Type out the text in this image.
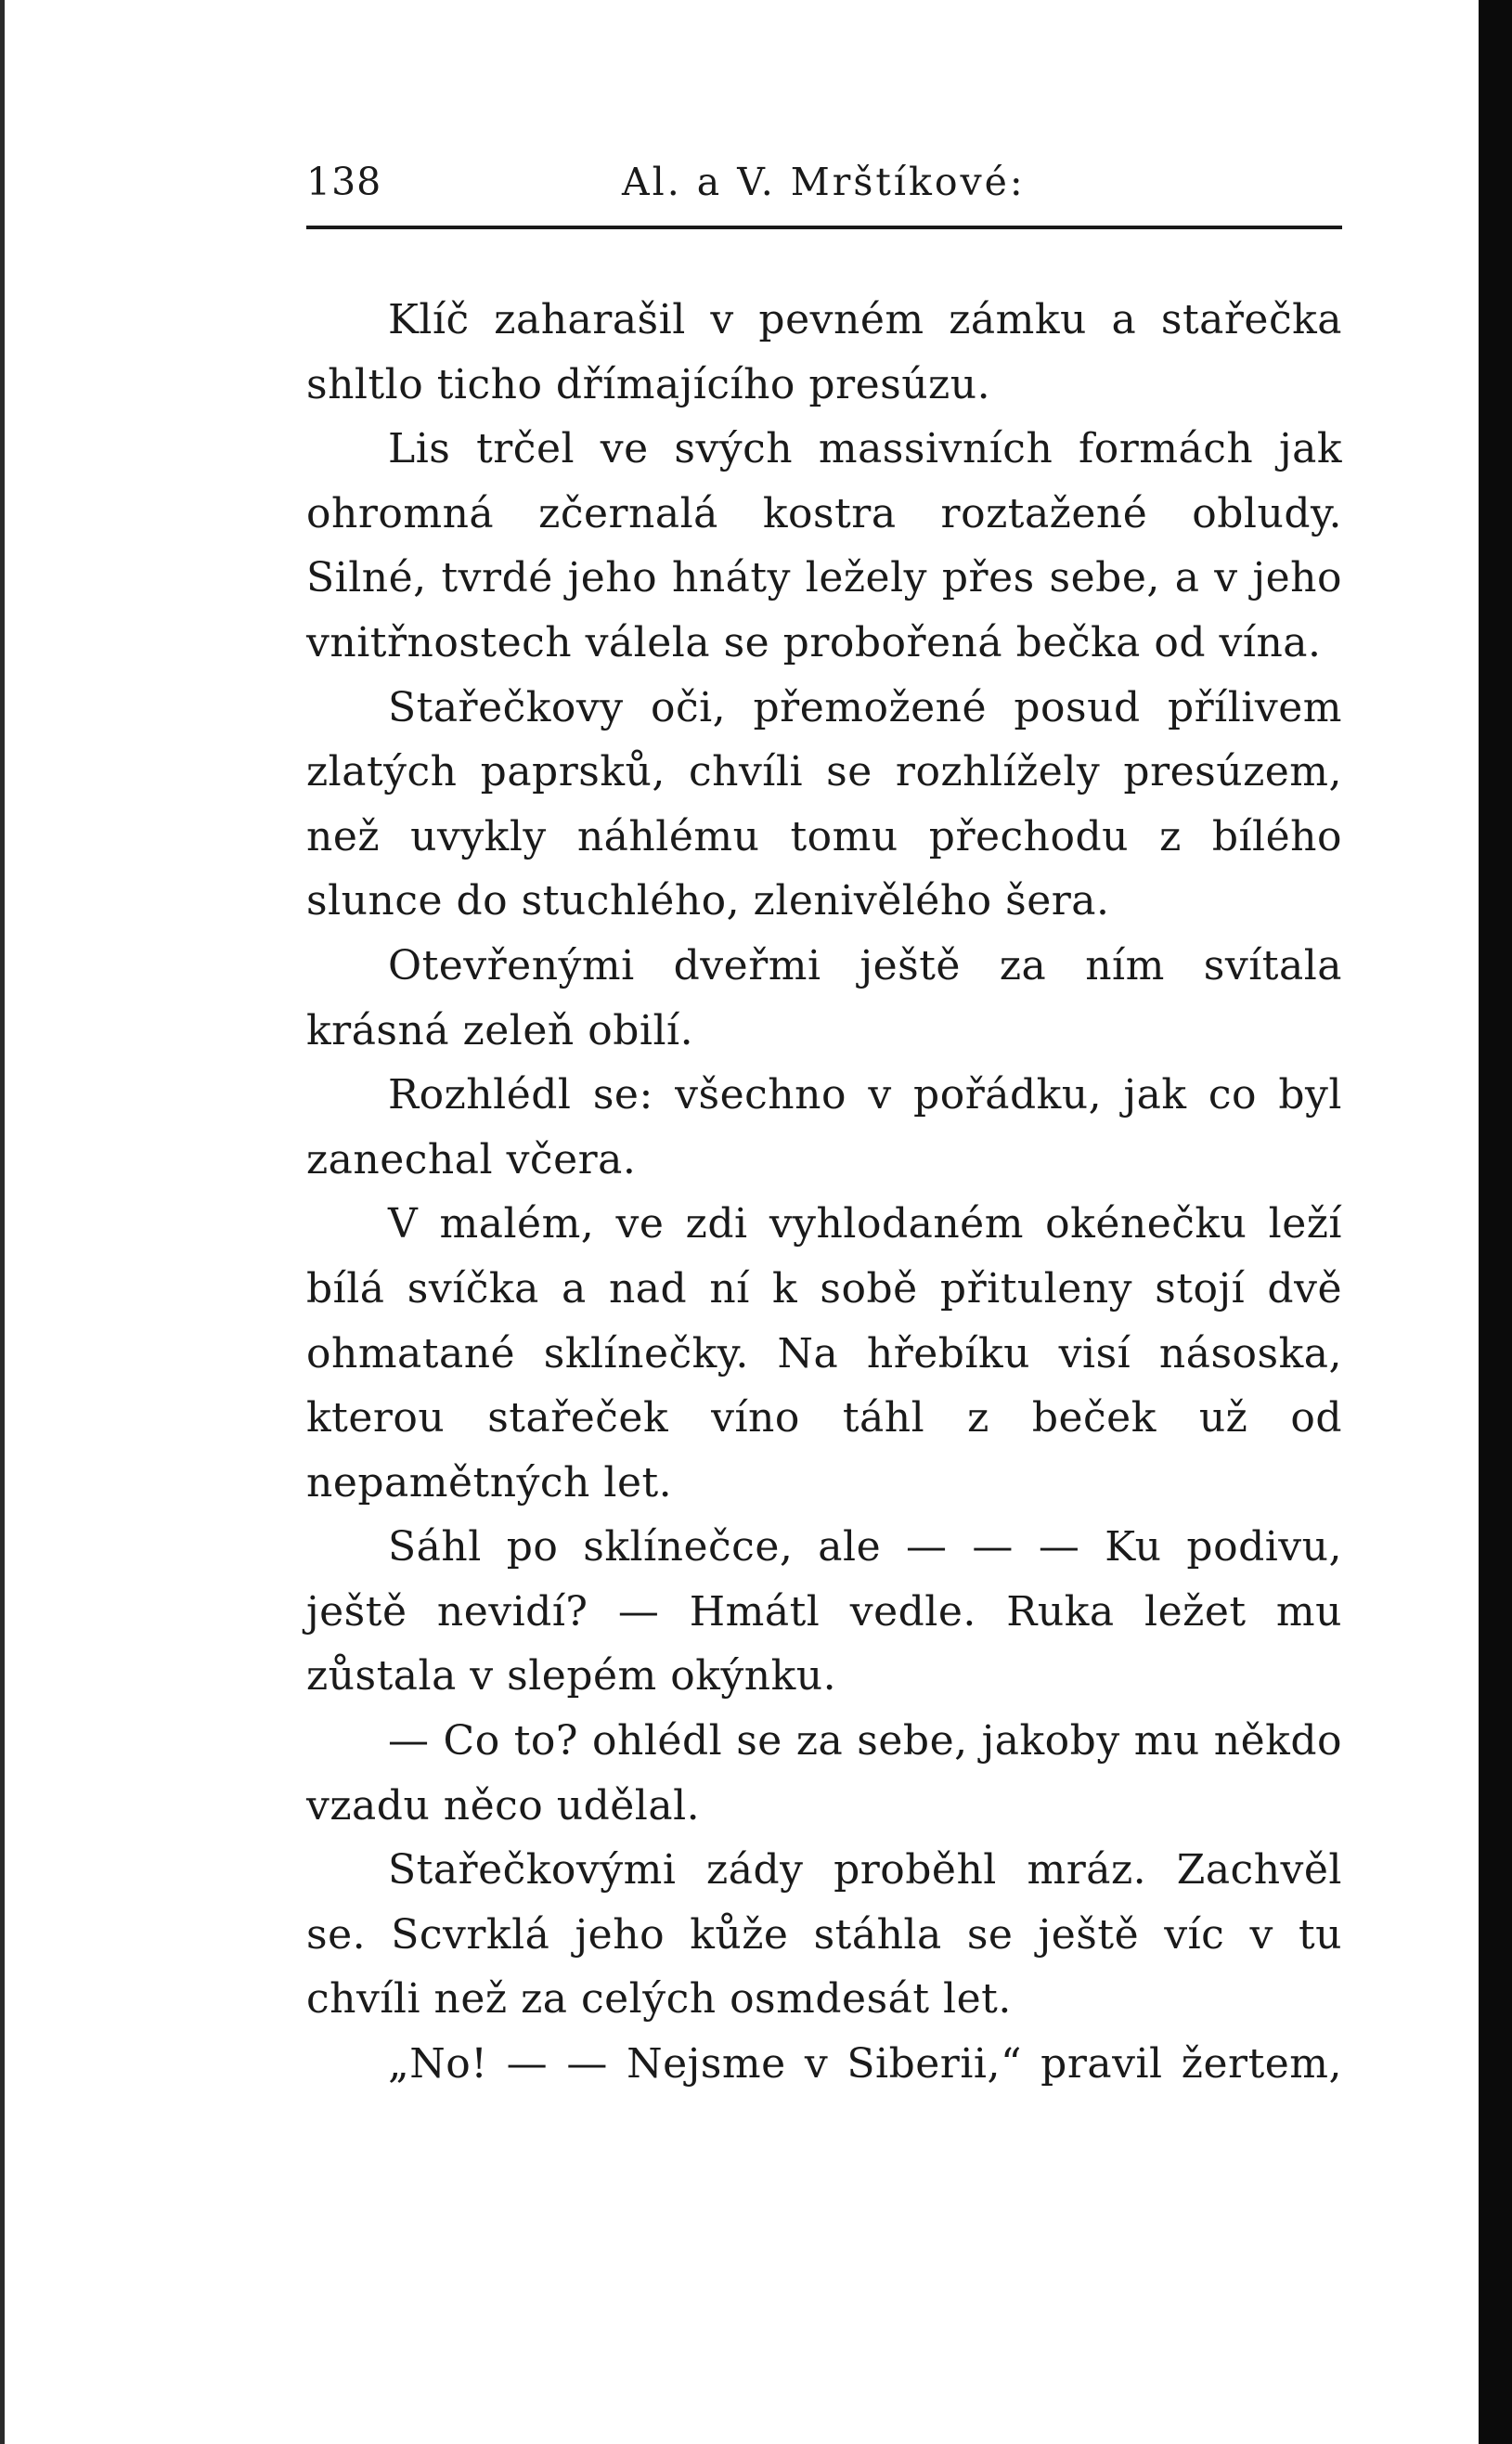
138	Al. a V. Mrštíkové:

Klíč zaharašil v pevném zámku a stařečka shltlo ticho dřímajícího presúzu.

Lis trčel ve svých massivních formách jak ohromná zčernalá kostra roztažené obludy. Silné, tvrdé jeho hnáty ležely přes sebe, a v jeho vnitřnostech válela se probořená bečka od vína.

Stařečkovy oči, přemožené posud přílivem zlatých paprsků, chvíli se rozhlížely presúzem, než uvykly náhlému tomu přechodu z bílého slunce do stuchlého, zlenivělého šera.

Otevřenými dveřmi ještě za ním svítala krásná zeleň obilí.

Rozhlédl se: všechno v pořádku, jak co byl zanechal včera.

V malém, ve zdi vyhlodaném okénečku leží bílá svíčka a nad ní k sobě přituleny stojí dvě ohmatané sklínečky. Na hřebíku visí násoska, kterou stařeček víno táhl z beček už od nepamětných let.

Sáhl po sklínečce, ale — — — Ku podivu, ještě nevidí? — Hmátl vedle. Ruka ležet mu zůstala v slepém okýnku.

— Co to? ohlédl se za sebe, jakoby mu někdo vzadu něco udělal.

Stařečkovými zády proběhl mráz. Zachvěl se. Scvrklá jeho kůže stáhla se ještě víc v tu chvíli než za celých osmdesát let.

„No! — — Nejsme v Siberii,“ pravil žertem,
